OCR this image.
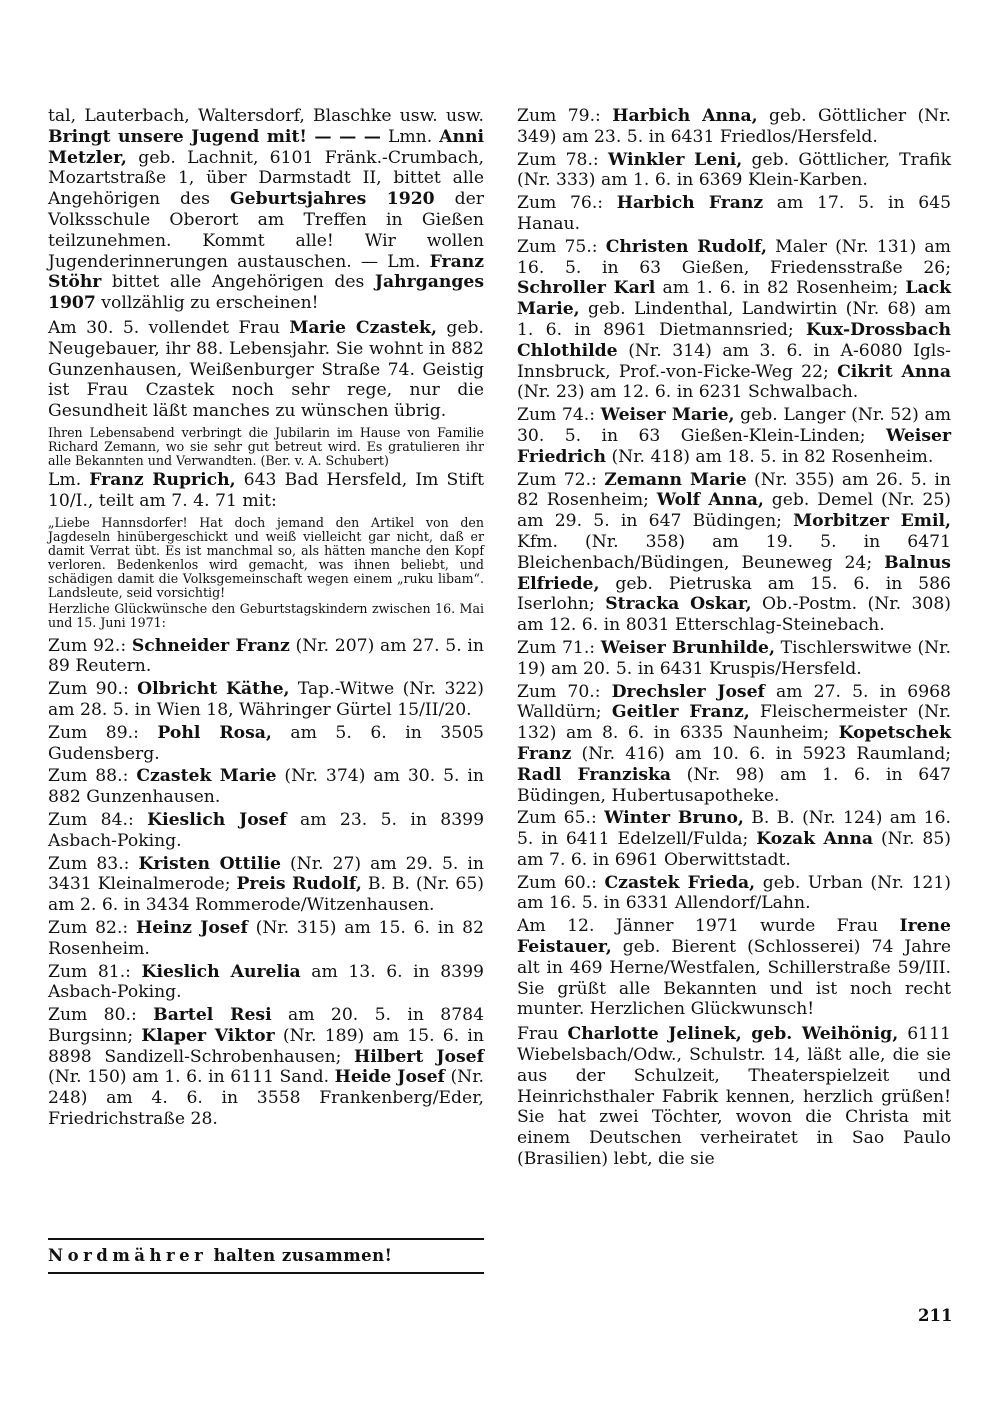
tal, Lauterbach, Waltersdorf, Blaschke usw. usw. Bringt unsere Jugend mit! — — — Lmn. Anni Metzler, geb. Lachnit, 6101 Fränk.-Crumbach, Mozartstraße 1, über Darmstadt II, bittet alle Angehörigen des Geburtsjahres 1920 der Volksschule Oberort am Treffen in Gießen teilzunehmen. Kommt alle! Wir wollen Jugenderinnerungen austauschen. — Lm. Franz Stöhr bittet alle Angehörigen des Jahrganges 1907 vollzählig zu erscheinen!

Am 30. 5. vollendet Frau Marie Czastek, geb. Neugebauer, ihr 88. Lebensjahr. Sie wohnt in 882 Gunzenhausen, Weißenburger Straße 74. Geistig ist Frau Czastek noch sehr rege, nur die Gesundheit läßt manches zu wünschen übrig.

Ihren Lebensabend verbringt die Jubilarin im Hause von Familie Richard Zemann, wo sie sehr gut betreut wird. Es gratulieren ihr alle Bekannten und Verwandten. (Ber. v. A. Schubert)

Lm. Franz Ruprich, 643 Bad Hersfeld, Im Stift 10/I., teilt am 7. 4. 71 mit:

„Liebe Hannsdorfer! Hat doch jemand den Artikel von den Jagdeseln hinübergeschickt und weiß vielleicht gar nicht, daß er damit Verrat übt. Es ist manchmal so, als hätten manche den Kopf verloren. Bedenkenlos wird gemacht, was ihnen beliebt, und schädigen damit die Volksgemeinschaft wegen einem „ruku libam“. Landsleute, seid vorsichtig!

Herzliche Glückwünsche den Geburtstagskindern zwischen 16. Mai und 15. Juni 1971:

Zum 92.: Schneider Franz (Nr. 207) am 27. 5. in 89 Reutern.

Zum 90.: Olbricht Käthe, Tap.-Witwe (Nr. 322) am 28. 5. in Wien 18, Währinger Gürtel 15/II/20.

Zum 89.: Pohl Rosa, am 5. 6. in 3505 Gudensberg.

Zum 88.: Czastek Marie (Nr. 374) am 30. 5. in 882 Gunzenhausen.

Zum 84.: Kieslich Josef am 23. 5. in 8399 Asbach-Poking.

Zum 83.: Kristen Ottilie (Nr. 27) am 29. 5. in 3431 Kleinalmerode; Preis Rudolf, B. B. (Nr. 65) am 2. 6. in 3434 Rommerode/Witzenhausen.

Zum 82.: Heinz Josef (Nr. 315) am 15. 6. in 82 Rosenheim.

Zum 81.: Kieslich Aurelia am 13. 6. in 8399 Asbach-Poking.

Zum 80.: Bartel Resi am 20. 5. in 8784 Burgsinn; Klaper Viktor (Nr. 189) am 15. 6. in 8898 Sandizell-Schrobenhausen; Hilbert Josef (Nr. 150) am 1. 6. in 6111 Sand. Heide Josef (Nr. 248) am 4. 6. in 3558 Frankenberg/Eder, Friedrichstraße 28.

Nordmährer halten zusammen!

Zum 79.: Harbich Anna, geb. Göttlicher (Nr. 349) am 23. 5. in 6431 Friedlos/Hersfeld.

Zum 78.: Winkler Leni, geb. Göttlicher, Trafik (Nr. 333) am 1. 6. in 6369 Klein-Karben.

Zum 76.: Harbich Franz am 17. 5. in 645 Hanau.

Zum 75.: Christen Rudolf, Maler (Nr. 131) am 16. 5. in 63 Gießen, Friedensstraße 26; Schroller Karl am 1. 6. in 82 Rosenheim; Lack Marie, geb. Lindenthal, Landwirtin (Nr. 68) am 1. 6. in 8961 Dietmannsried; Kux-Drossbach Chlothilde (Nr. 314) am 3. 6. in A-6080 Igls-Innsbruck, Prof.-von-Ficke-Weg 22; Cikrit Anna (Nr. 23) am 12. 6. in 6231 Schwalbach.

Zum 74.: Weiser Marie, geb. Langer (Nr. 52) am 30. 5. in 63 Gießen-Klein-Linden; Weiser Friedrich (Nr. 418) am 18. 5. in 82 Rosenheim.

Zum 72.: Zemann Marie (Nr. 355) am 26. 5. in 82 Rosenheim; Wolf Anna, geb. Demel (Nr. 25) am 29. 5. in 647 Büdingen; Morbitzer Emil, Kfm. (Nr. 358) am 19. 5. in 6471 Bleichenbach/Büdingen, Beuneweg 24; Balnus Elfriede, geb. Pietruska am 15. 6. in 586 Iserlohn; Stracka Oskar, Ob.-Postm. (Nr. 308) am 12. 6. in 8031 Etterschlag-Steinebach.

Zum 71.: Weiser Brunhilde, Tischlerswitwe (Nr. 19) am 20. 5. in 6431 Kruspis/Hersfeld.

Zum 70.: Drechsler Josef am 27. 5. in 6968 Walldürn; Geitler Franz, Fleischermeister (Nr. 132) am 8. 6. in 6335 Naunheim; Kopetschek Franz (Nr. 416) am 10. 6. in 5923 Raumland; Radl Franziska (Nr. 98) am 1. 6. in 647 Büdingen, Hubertusapotheke.

Zum 65.: Winter Bruno, B. B. (Nr. 124) am 16. 5. in 6411 Edelzell/Fulda; Kozak Anna (Nr. 85) am 7. 6. in 6961 Oberwittstadt.

Zum 60.: Czastek Frieda, geb. Urban (Nr. 121) am 16. 5. in 6331 Allendorf/Lahn.

Am 12. Jänner 1971 wurde Frau Irene Feistauer, geb. Bierent (Schlosserei) 74 Jahre alt in 469 Herne/Westfalen, Schillerstraße 59/III. Sie grüßt alle Bekannten und ist noch recht munter. Herzlichen Glückwunsch!

Frau Charlotte Jelinek, geb. Weihönig, 6111 Wiebelsbach/Odw., Schulstr. 14, läßt alle, die sie aus der Schulzeit, Theaterspielzeit und Heinrichsthaler Fabrik kennen, herzlich grüßen! Sie hat zwei Töchter, wovon die Christa mit einem Deutschen verheiratet in Sao Paulo (Brasilien) lebt, die sie

211
